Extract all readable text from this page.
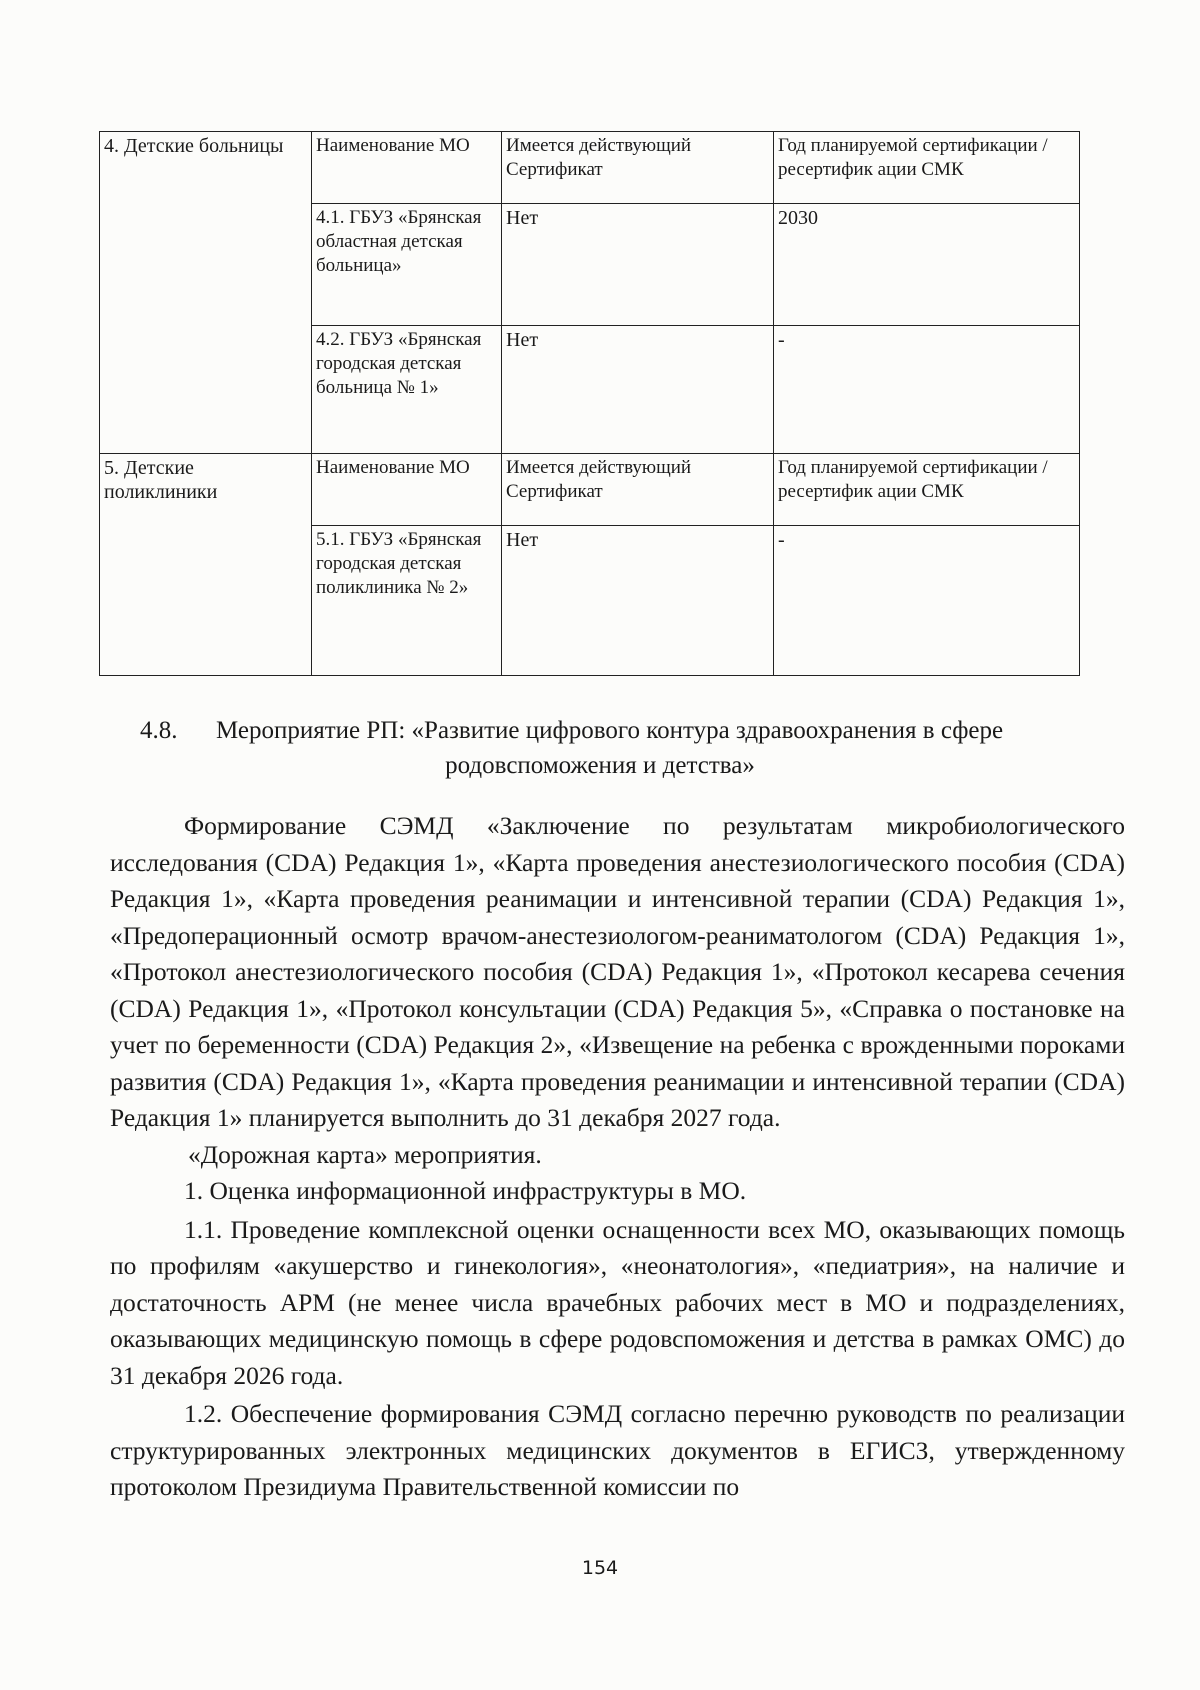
4. Детские больницы	Наименование МО	Имеется действующий Сертификат	Год планируемой сертификации / ресертифик ации СМК
	4.1. ГБУЗ «Брянская областная детская больница»	Нет	2030
	4.2. ГБУЗ «Брянская городская детская больница № 1»	Нет	-
5. Детские поликлиники	Наименование МО	Имеется действующий Сертификат	Год планируемой сертификации / ресертифик ации СМК
	5.1. ГБУЗ «Брянская городская детская поликлиника № 2»	Нет	-
4.8. Мероприятие РП: «Развитие цифрового контура здравоохранения в сфере
родовспоможения и детства»

Формирование СЭМД «Заключение по результатам микробиологического исследования (CDA) Редакция 1», «Карта проведения анестезиологического пособия (CDA) Редакция 1», «Карта проведения реанимации и интенсивной терапии (CDA) Редакция 1», «Предоперационный осмотр врачом-анестезиологом-реаниматологом (CDA) Редакция 1», «Протокол анестезиологического пособия (CDA) Редакция 1», «Протокол кесарева сечения (CDA) Редакция 1», «Протокол консультации (CDA) Редакция 5», «Справка о постановке на учет по беременности (CDA) Редакция 2», «Извещение на ребенка с врожденными пороками развития (CDA) Редакция 1», «Карта проведения реанимации и интенсивной терапии (CDA) Редакция 1» планируется выполнить до 31 декабря 2027 года.

«Дорожная карта» мероприятия.

1. Оценка информационной инфраструктуры в МО.

1.1. Проведение комплексной оценки оснащенности всех МО, оказывающих помощь по профилям «акушерство и гинекология», «неонатология», «педиатрия», на наличие и достаточность АРМ (не менее числа врачебных рабочих мест в МО и подразделениях, оказывающих медицинскую помощь в сфере родовспоможения и детства в рамках ОМС) до 31 декабря 2026 года.

1.2. Обеспечение формирования СЭМД согласно перечню руководств по реализации структурированных электронных медицинских документов в ЕГИСЗ, утвержденному протоколом Президиума Правительственной комиссии по

154
